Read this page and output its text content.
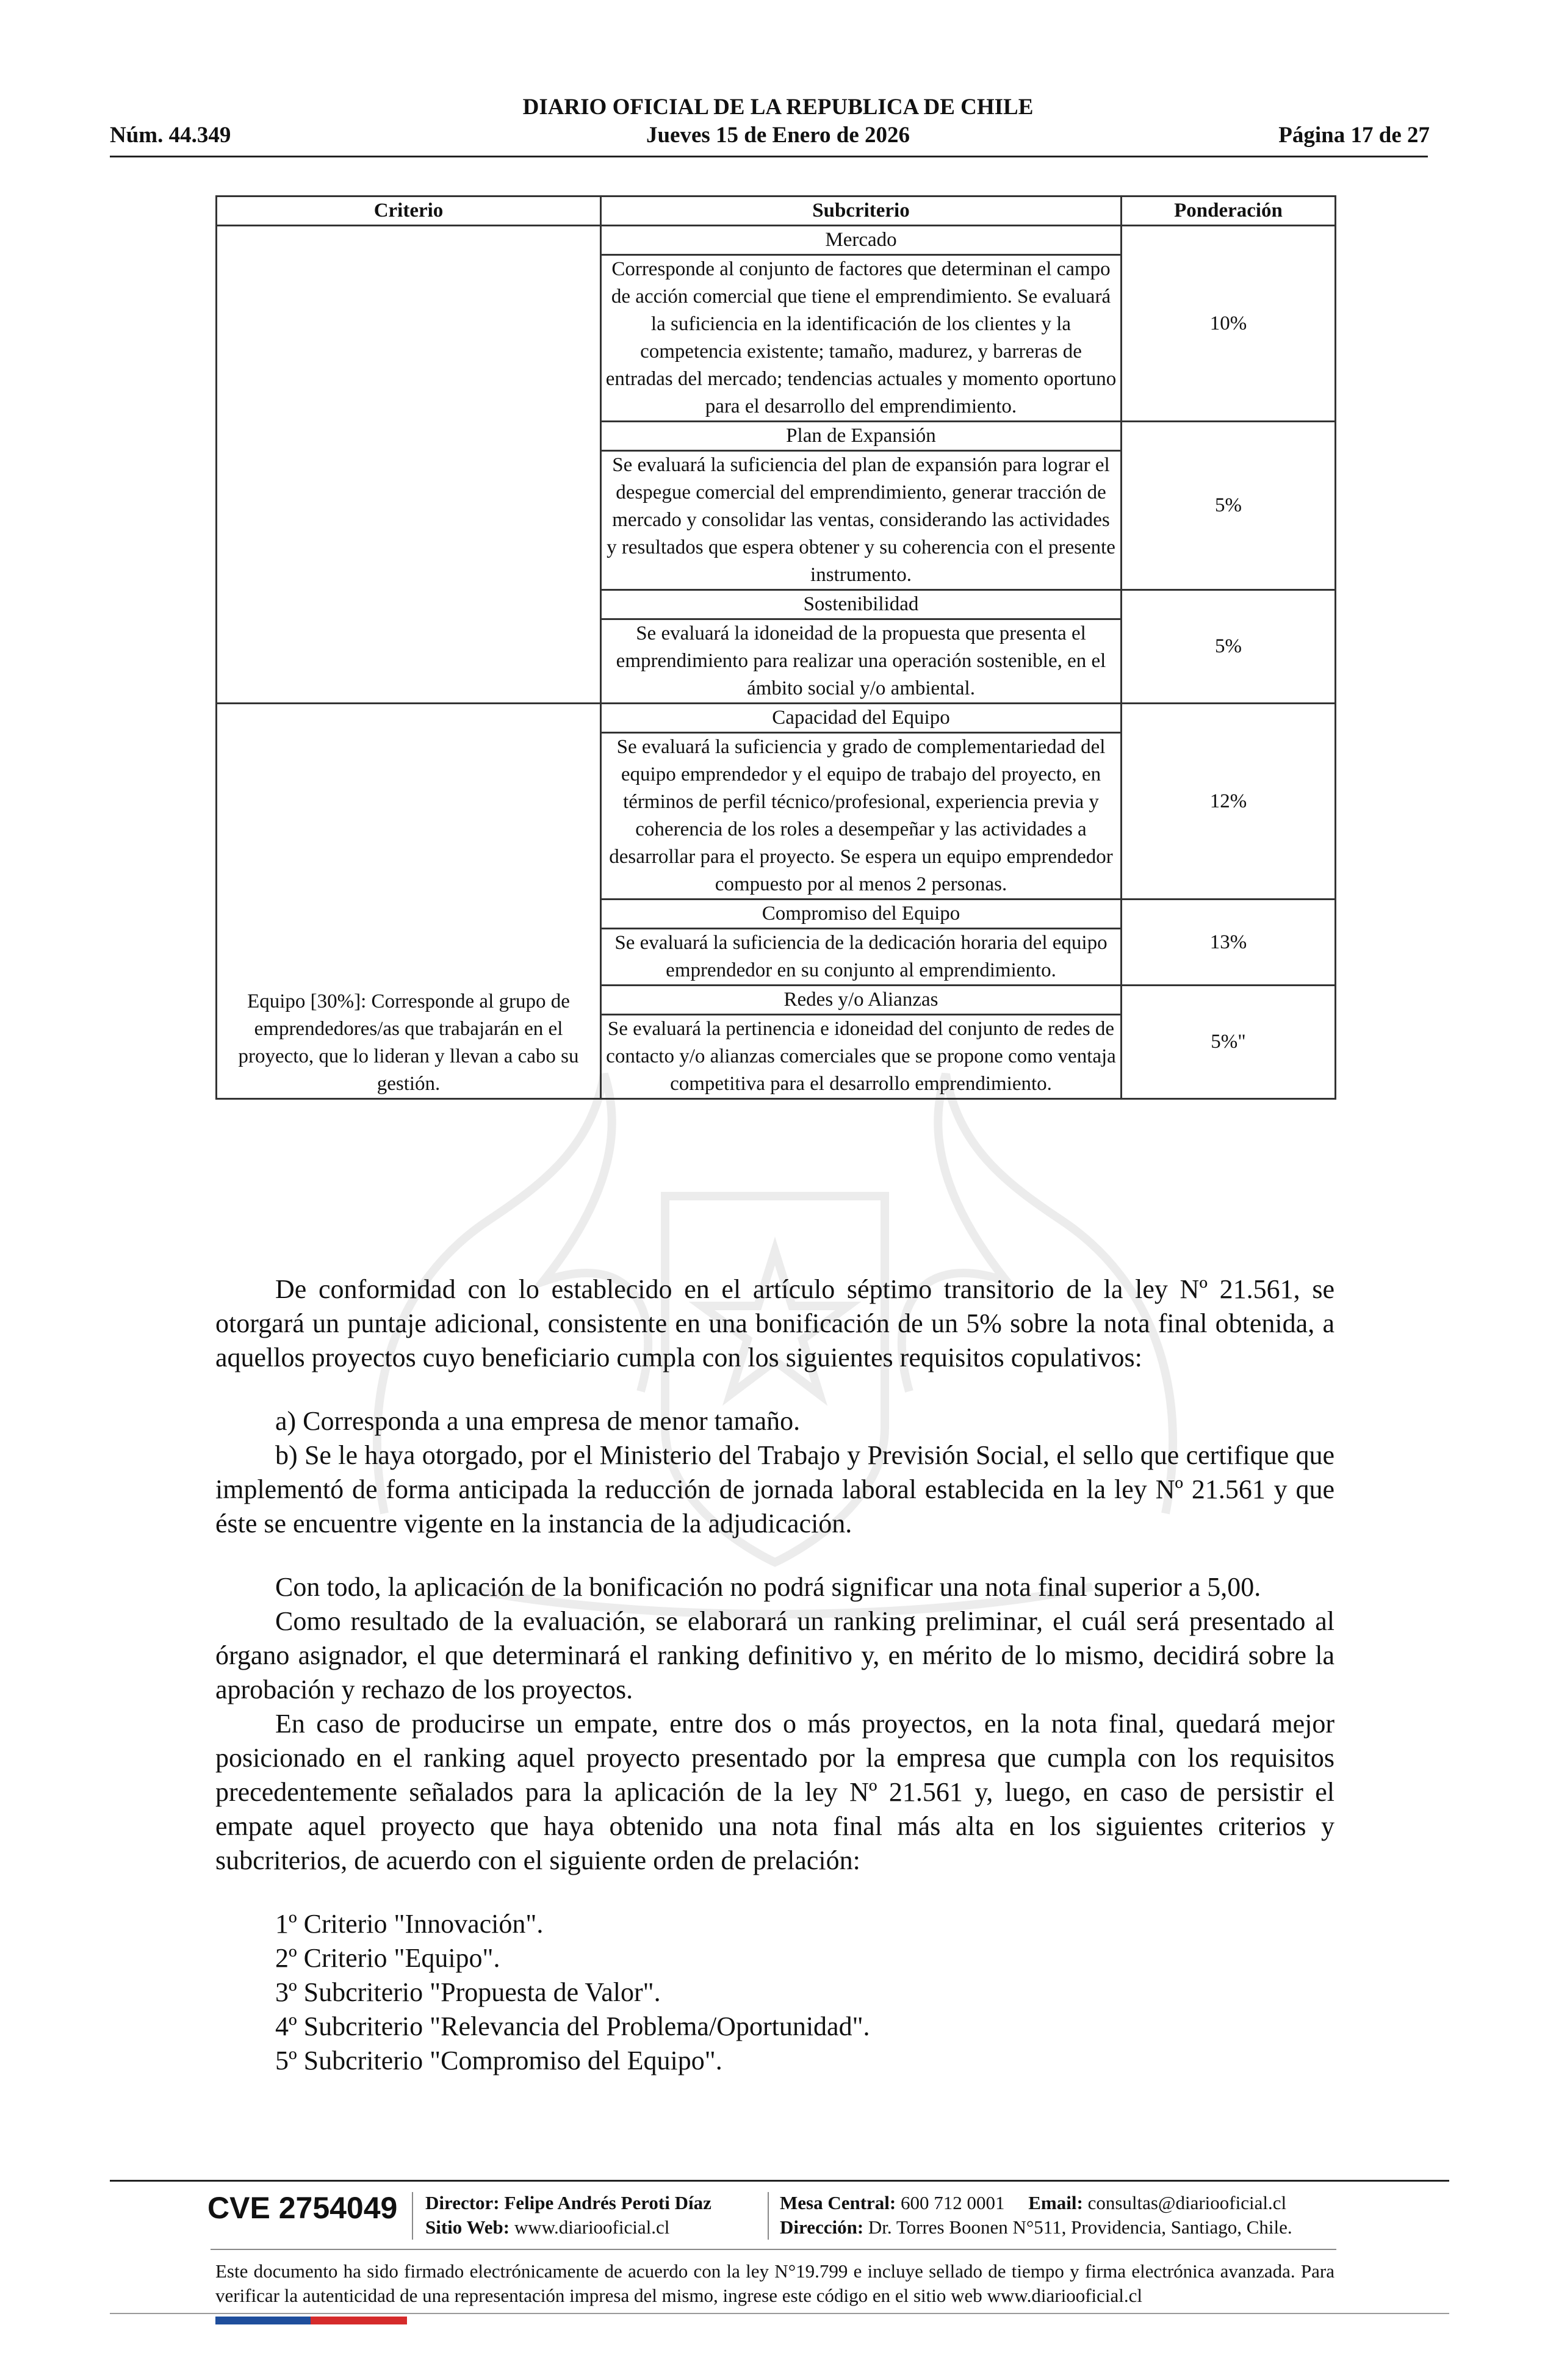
DIARIO OFICIAL DE LA REPUBLICA DE CHILE
Núm. 44.349	Jueves 15 de Enero de 2026	Página 17 de 27
Criterio	Subcriterio	Ponderación
	Mercado	10%
	Corresponde al conjunto de factores que determinan el campo de acción comercial que tiene el emprendimiento. Se evaluará la suficiencia en la identificación de los clientes y la competencia existente; tamaño, madurez, y barreras de entradas del mercado; tendencias actuales y momento oportuno para el desarrollo del emprendimiento.	
	Plan de Expansión	5%
	Se evaluará la suficiencia del plan de expansión para lograr el despegue comercial del emprendimiento, generar tracción de mercado y consolidar las ventas, considerando las actividades y resultados que espera obtener y su coherencia con el presente instrumento.	
	Sostenibilidad	5%
	Se evaluará la idoneidad de la propuesta que presenta el emprendimiento para realizar una operación sostenible, en el ámbito social y/o ambiental.	
Equipo [30%]: Corresponde al grupo de emprendedores/as que trabajarán en el proyecto, que lo lideran y llevan a cabo su gestión.	Capacidad del Equipo	12%
	Se evaluará la suficiencia y grado de complementariedad del equipo emprendedor y el equipo de trabajo del proyecto, en términos de perfil técnico/profesional, experiencia previa y coherencia de los roles a desempeñar y las actividades a desarrollar para el proyecto. Se espera un equipo emprendedor compuesto por al menos 2 personas.	
	Compromiso del Equipo	13%
	Se evaluará la suficiencia de la dedicación horaria del equipo emprendedor en su conjunto al emprendimiento.	
	Redes y/o Alianzas	5%"
	Se evaluará la pertinencia e idoneidad del conjunto de redes de contacto y/o alianzas comerciales que se propone como ventaja competitiva para el desarrollo emprendimiento.	

De conformidad con lo establecido en el artículo séptimo transitorio de la ley Nº 21.561, se otorgará un puntaje adicional, consistente en una bonificación de un 5% sobre la nota final obtenida, a aquellos proyectos cuyo beneficiario cumpla con los siguientes requisitos copulativos:

a) Corresponda a una empresa de menor tamaño.

b) Se le haya otorgado, por el Ministerio del Trabajo y Previsión Social, el sello que certifique que implementó de forma anticipada la reducción de jornada laboral establecida en la ley Nº 21.561 y que éste se encuentre vigente en la instancia de la adjudicación.

Con todo, la aplicación de la bonificación no podrá significar una nota final superior a 5,00.

Como resultado de la evaluación, se elaborará un ranking preliminar, el cuál será presentado al órgano asignador, el que determinará el ranking definitivo y, en mérito de lo mismo, decidirá sobre la aprobación y rechazo de los proyectos.

En caso de producirse un empate, entre dos o más proyectos, en la nota final, quedará mejor posicionado en el ranking aquel proyecto presentado por la empresa que cumpla con los requisitos precedentemente señalados para la aplicación de la ley Nº 21.561 y, luego, en caso de persistir el empate aquel proyecto que haya obtenido una nota final más alta en los siguientes criterios y subcriterios, de acuerdo con el siguiente orden de prelación:

1º Criterio "Innovación".
2º Criterio "Equipo".
3º Subcriterio "Propuesta de Valor".
4º Subcriterio "Relevancia del Problema/Oportunidad".
5º Subcriterio "Compromiso del Equipo".
CVE 2754049 Director: Felipe Andrés Peroti Díaz
Sitio Web: www.diariooficial.cl
Mesa Central: 600 712 0001 Email: consultas@diariooficial.cl
Dirección: Dr. Torres Boonen N°511, Providencia, Santiago, Chile.
Este documento ha sido firmado electrónicamente de acuerdo con la ley N°19.799 e incluye sellado de tiempo y firma electrónica avanzada. Para verificar la autenticidad de una representación impresa del mismo, ingrese este código en el sitio web www.diariooficial.cl
